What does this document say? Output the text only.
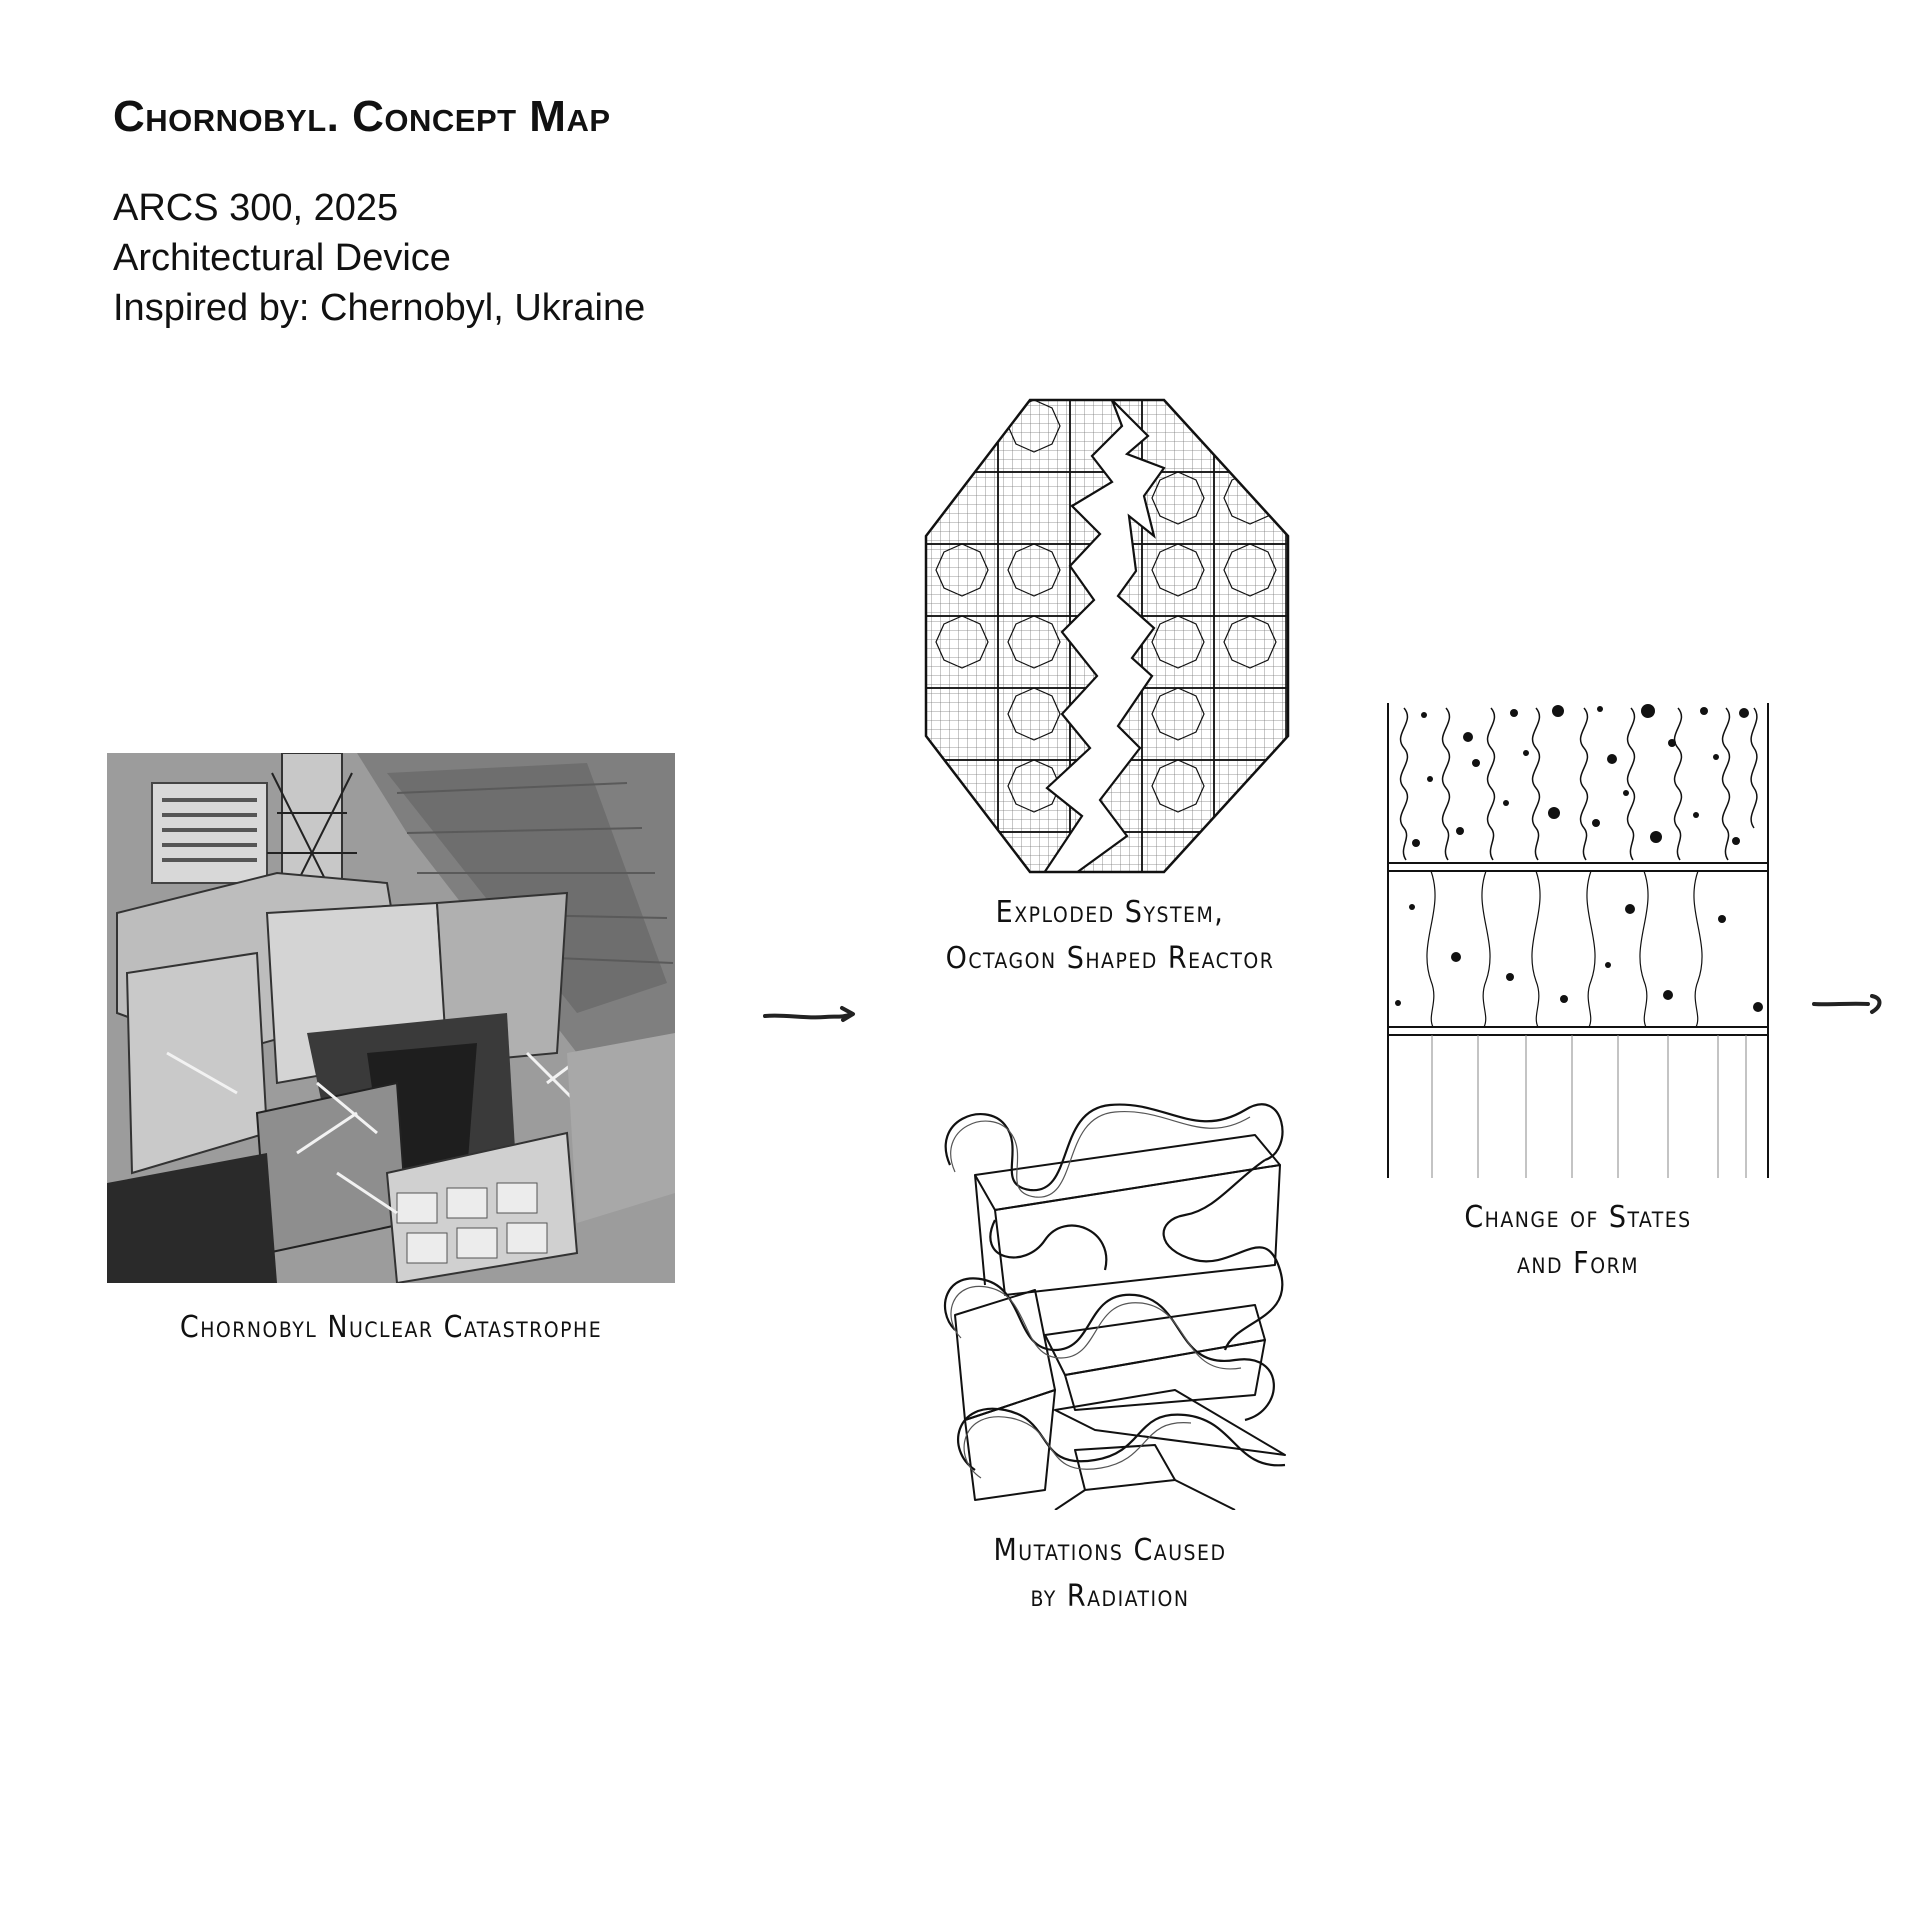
Chornobyl. Concept Map
ARCS 300, 2025
Architectural Device
Inspired by: Chernobyl, Ukraine
Chornobyl Nuclear Catastrophe
Exploded System,
Octagon Shaped Reactor
Change of States
and Form
Mutations Caused
by Radiation
